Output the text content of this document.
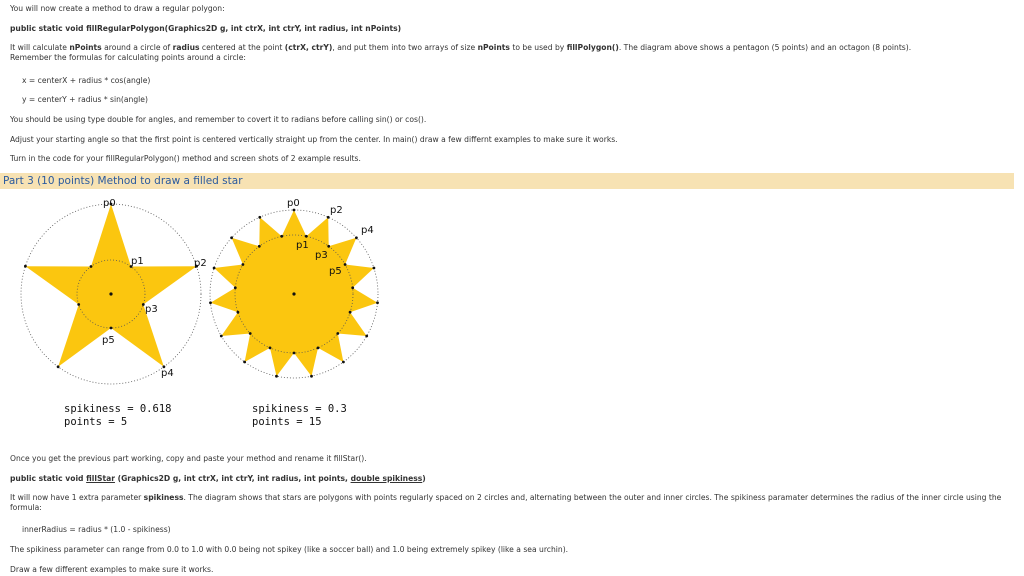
You will now create a method to draw a regular polygon:

public static void fillRegularPolygon(Graphics2D g, int ctrX, int ctrY, int radius, int nPoints)

It will calculate nPoints around a circle of radius centered at the point (ctrX, ctrY), and put them into two arrays of size nPoints to be used by fillPolygon(). The diagram above shows a pentagon (5 points) and an octagon (8 points).
Remember the formulas for calculating points around a circle:

x = centerX + radius * cos(angle)

y = centerY + radius * sin(angle)

You should be using type double for angles, and remember to covert it to radians before calling sin() or cos().

Adjust your starting angle so that the first point is centered vertically straight up from the center. In main() draw a few differnt examples to make sure it works.

Turn in the code for your fillRegularPolygon() method and screen shots of 2 example results.

Part 3 (10 points) Method to draw a filled star
p0
p1	p2
p3
p4
p5
p0
p1
p2
p3
p4
p5
spikiness = 0.618
points = 5
spikiness = 0.3
points = 15

Once you get the previous part working, copy and paste your method and rename it fillStar().

public static void fillStar (Graphics2D g, int ctrX, int ctrY, int radius, int points, double spikiness)

It will now have 1 extra parameter spikiness. The diagram shows that stars are polygons with points regularly spaced on 2 circles and, alternating between the outer and inner circles. The spikiness paramater determines the radius of the inner circle using the formula:

innerRadius = radius * (1.0 - spikiness)

The spikiness parameter can range from 0.0 to 1.0 with 0.0 being not spikey (like a soccer ball) and 1.0 being extremely spikey (like a sea urchin).

Draw a few different examples to make sure it works.
